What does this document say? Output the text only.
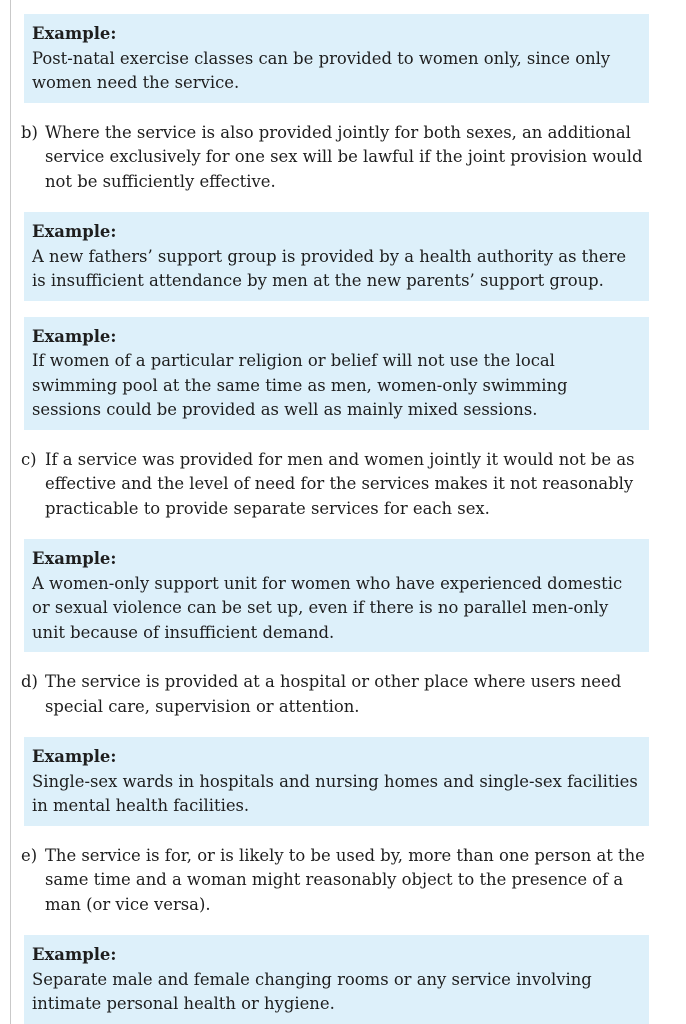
Example:
Post-natal exercise classes can be provided to women only, since only women need the service.
b) Where the service is also provided jointly for both sexes, an additional service exclusively for one sex will be lawful if the joint provision would not be sufficiently effective.
Example:
A new fathers’ support group is provided by a health authority as there is insufficient attendance by men at the new parents’ support group.
Example:
If women of a particular religion or belief will not use the local swimming pool at the same time as men, women-only swimming sessions could be provided as well as mainly mixed sessions.
c) If a service was provided for men and women jointly it would not be as effective and the level of need for the services makes it not reasonably practicable to provide separate services for each sex.
Example:
A women-only support unit for women who have experienced domestic or sexual violence can be set up, even if there is no parallel men-only unit because of insufficient demand.
d) The service is provided at a hospital or other place where users need special care, supervision or attention.
Example:
Single-sex wards in hospitals and nursing homes and single-sex facilities in mental health facilities.
e) The service is for, or is likely to be used by, more than one person at the same time and a woman might reasonably object to the presence of a man (or vice versa).
Example:
Separate male and female changing rooms or any service involving intimate personal health or hygiene.
